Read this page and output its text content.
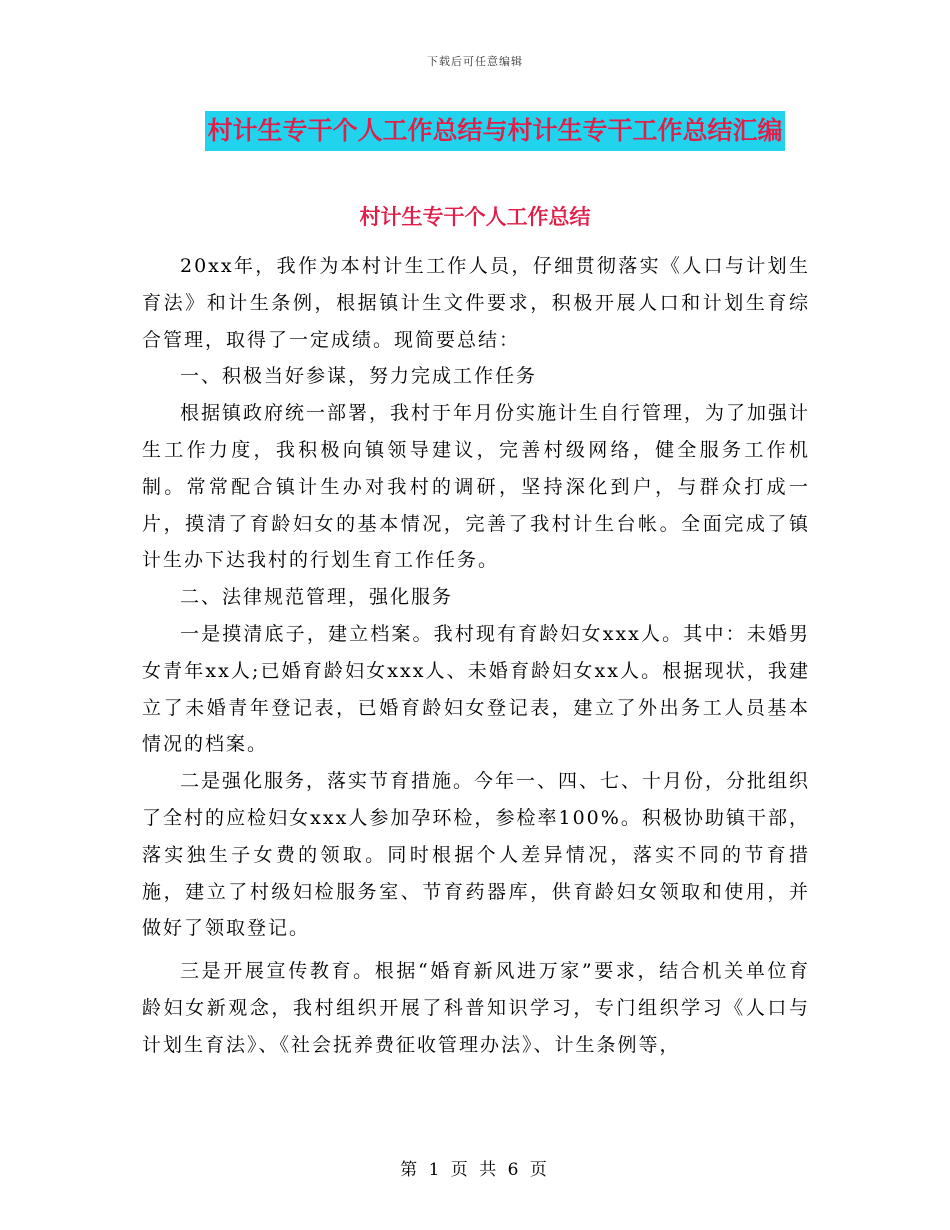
下载后可任意编辑
村计生专干个人工作总结与村计生专干工作总结汇编
村计生专干个人工作总结

20xx年，我作为本村计生工作人员，仔细贯彻落实《人口与计划生育法》和计生条例，根据镇计生文件要求，积极开展人口和计划生育综合管理，取得了一定成绩。现简要总结：

一、积极当好参谋，努力完成工作任务

根据镇政府统一部署，我村于年月份实施计生自行管理，为了加强计生工作力度，我积极向镇领导建议，完善村级网络，健全服务工作机制。常常配合镇计生办对我村的调研，坚持深化到户，与群众打成一片，摸清了育龄妇女的基本情况，完善了我村计生台帐。全面完成了镇计生办下达我村的行划生育工作任务。

二、法律规范管理，强化服务

一是摸清底子，建立档案。我村现有育龄妇女xxx人。其中：未婚男女青年xx人;已婚育龄妇女xxx人、未婚育龄妇女xx人。根据现状，我建立了未婚青年登记表，已婚育龄妇女登记表，建立了外出务工人员基本情况的档案。

二是强化服务，落实节育措施。今年一、四、七、十月份，分批组织了全村的应检妇女xxx人参加孕环检，参检率100%。积极协助镇干部，落实独生子女费的领取。同时根据个人差异情况，落实不同的节育措施，建立了村级妇检服务室、节育药器库，供育龄妇女领取和使用，并做好了领取登记。

三是开展宣传教育。根据“婚育新风进万家”要求，结合机关单位育龄妇女新观念，我村组织开展了科普知识学习，专门组织学习《人口与计划生育法》、《社会抚养费征收管理办法》、计生条例等，

第 1 页 共 6 页
